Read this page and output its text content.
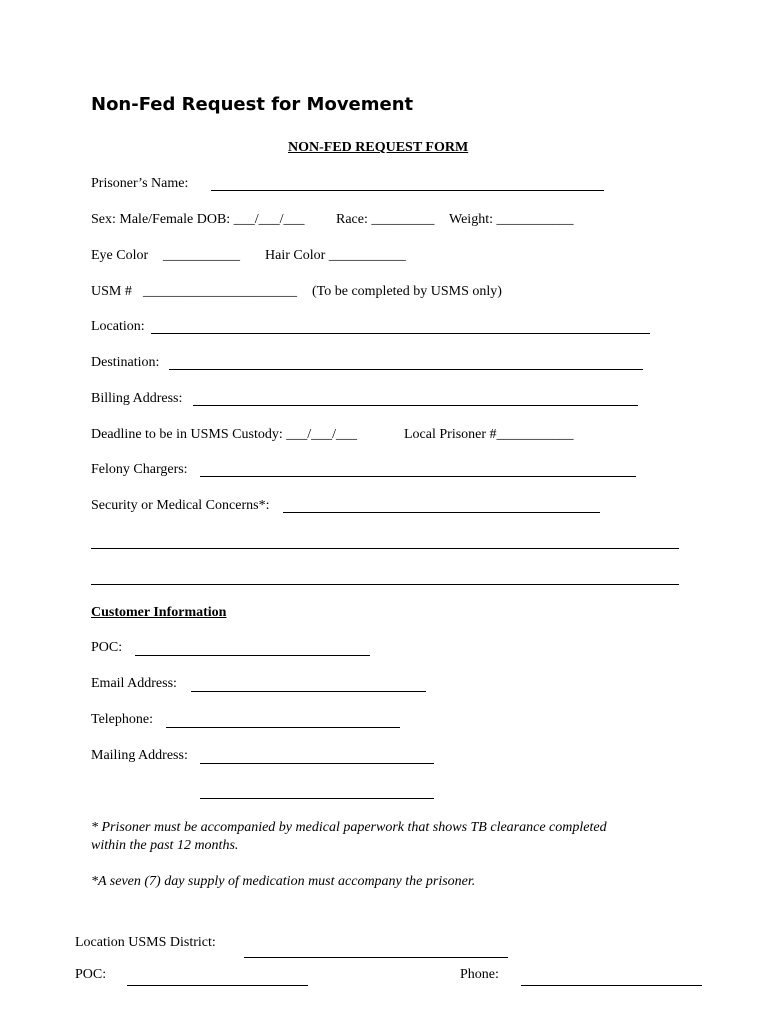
Non-Fed Request for Movement
NON-FED REQUEST FORM
Prisoner’s Name:
Sex: Male/Female DOB: ___/___/___ Race: _________ Weight: ___________
Eye Color ___________ Hair Color ___________
USM # ______________________ (To be completed by USMS only)
Location:
Destination:
Billing Address:
Deadline to be in USMS Custody: ___/___/___	Local Prisoner #___________
Felony Chargers:
Security or Medical Concerns*:
Customer Information
POC:
Email Address:
Telephone:
Mailing Address:
* Prisoner must be accompanied by medical paperwork that shows TB clearance completed
within the past 12 months.
*A seven (7) day supply of medication must accompany the prisoner.
Location USMS District:
POC:	Phone:
